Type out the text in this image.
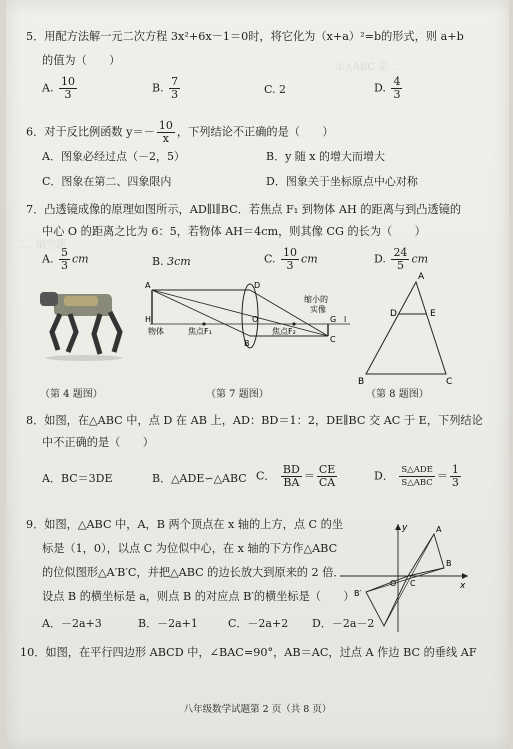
①△ABC 是...
二、填空题
5．用配方法解一元二次方程 3x²+6x－1＝0时，将它化为（x+a）²=b的形式，则 a+b
的值为（　　）
A. $\frac{10}{3}$	B. $\frac{7}{3}$	C. 2	D. $\frac{4}{3}$
6．对于反比例函数 $y=- \frac{10}{x}$ ，下列结论不正确的是（　　）
A．图象必经过点（－2，5）	B．y 随 x 的增大而增大
C．图象在第二、四象限内	D．图象关于坐标原点中心对称
7．凸透镜成像的原理如图所示，AD∥l∥BC．若焦点 F₁ 到物体 AH 的距离与到凸透镜的
中心 O 的距离之比为 6：5，若物体 AH＝4cm，则其像 CG 的长为（　　）
A. $\frac{5}{3}$ cm	B. 3cm	C. $\frac{10}{3}$ cm	D. $\frac{24}{5}$ cm
A
H
D
O	G
C
B
l
物体	焦点F₁	焦点F₂
缩小的
实像
A
D	E
B	C
（第 4 题图）	（第 7 题图）	（第 8 题图）
8．如图，在△ABC 中，点 D 在 AB 上，AD：BD＝1：2，DE∥BC 交 AC 于 E，下列结论
中不正确的是（　　）
A．BC＝3DE	B．△ADE∽△ABC C． $\frac{BD}{BA} = \frac{CE}{CA}$	D． $\frac{\text{S△ADE}}{\text{S△ABC}} = \frac{1}{3}$
9．如图，△ABC 中，A，B 两个顶点在 x 轴的上方，点 C 的坐
标是（1，0），以点 C 为位似中心，在 x 轴的下方作△ABC
的位似图形△A′B′C，并把△ABC 的边长放大到原来的 2 倍．
设点 B 的横坐标是 a，则点 B 的对应点 B′的横坐标是（　　）
A．－2a+3	B．－2a+1	C．－2a+2 D．－2a－2
y
x
A
B
C
O
B′
10．如图，在平行四边形 ABCD 中，∠BAC=90°，AB＝AC，过点 A 作边 BC 的垂线 AF
八年级数学试题第 2 页（共 8 页）
